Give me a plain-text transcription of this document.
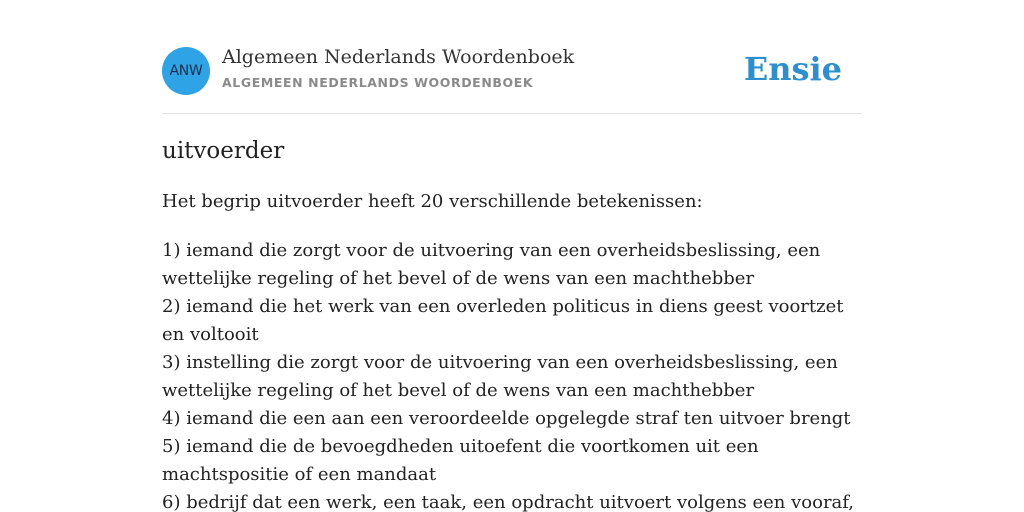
ANW
Algemeen Nederlands Woordenboek
ALGEMEEN NEDERLANDS WOORDENBOEK	Ensie
uitvoerder

Het begrip uitvoerder heeft 20 verschillende betekenissen:

1) iemand die zorgt voor de uitvoering van een overheidsbeslissing, een wettelijke regeling of het bevel of de wens van een machthebber
2) iemand die het werk van een overleden politicus in diens geest voortzet en voltooit
3) instelling die zorgt voor de uitvoering van een overheidsbeslissing, een wettelijke regeling of het bevel of de wens van een machthebber
4) iemand die een aan een veroordeelde opgelegde straf ten uitvoer brengt
5) iemand die de bevoegdheden uitoefent die voortkomen uit een machtspositie of een mandaat
6) bedrijf dat een werk, een taak, een opdracht uitvoert volgens een vooraf,
